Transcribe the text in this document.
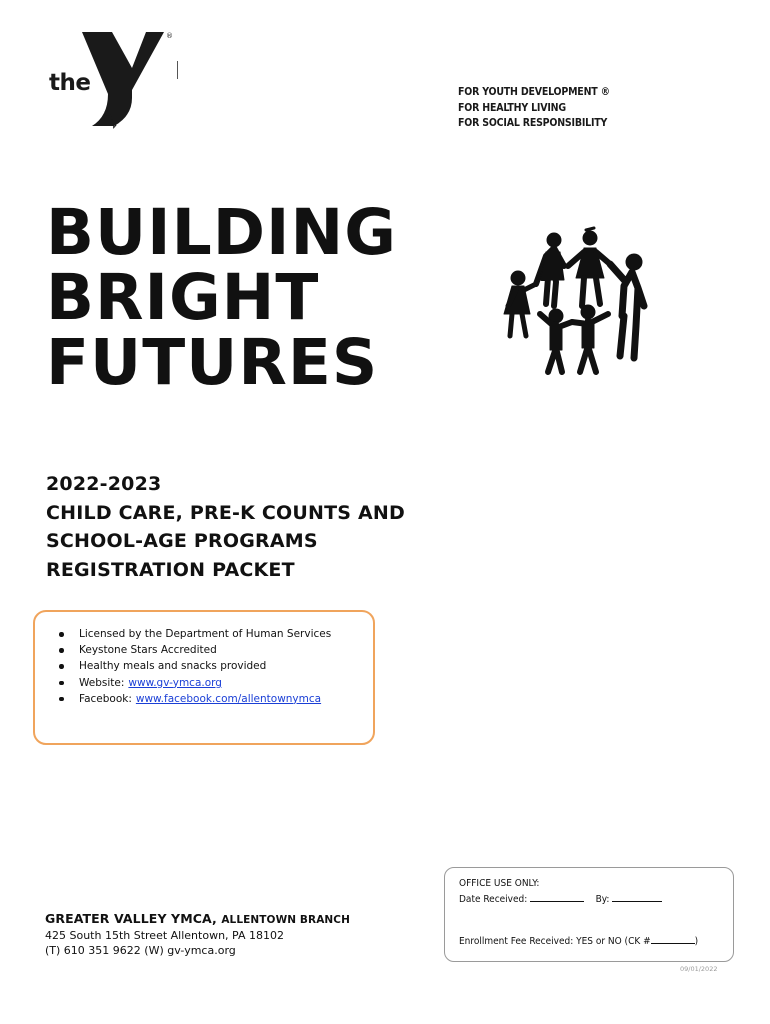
®
the
YMCA
FOR YOUTH DEVELOPMENT ®
FOR HEALTHY LIVING
FOR SOCIAL RESPONSIBILITY
BUILDING
BRIGHT
FUTURES
2022-2023
CHILD CARE, PRE-K COUNTS AND
SCHOOL-AGE PROGRAMS
REGISTRATION PACKET
Licensed by the Department of Human Services
Keystone Stars Accredited
Healthy meals and snacks provided
Website: www.gv-ymca.org
Facebook: www.facebook.com/allentownymca
GREATER VALLEY YMCA, ALLENTOWN BRANCH
425 South 15th Street Allentown, PA 18102
(T) 610 351 9622 (W) gv-ymca.org
OFFICE USE ONLY:
Date Received:	By:
Enrollment Fee Received: YES or NO (CK #	)
09/01/2022
